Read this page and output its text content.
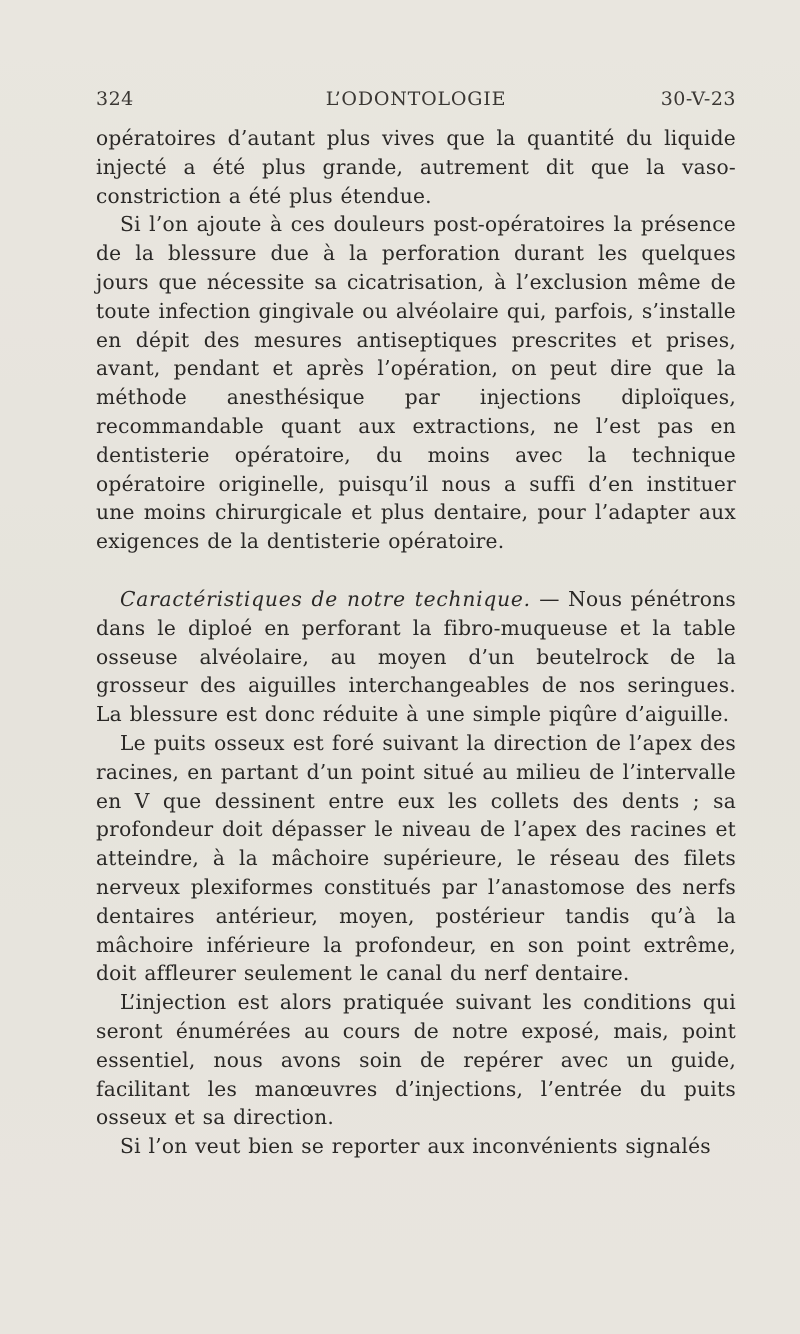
324	L’ODONTOLOGIE	30-V-23

opératoires d’autant plus vives que la quantité du liquide injecté a été plus grande, autrement dit que la vaso-constriction a été plus étendue.

Si l’on ajoute à ces douleurs post-opératoires la présence de la blessure due à la perforation durant les quelques jours que nécessite sa cicatrisation, à l’exclusion même de toute infection gingivale ou alvéolaire qui, parfois, s’installe en dépit des mesures antiseptiques prescrites et prises, avant, pendant et après l’opération, on peut dire que la méthode anesthésique par injections diploïques, recommandable quant aux extractions, ne l’est pas en dentisterie opératoire, du moins avec la technique opératoire originelle, puisqu’il nous a suffi d’en instituer une moins chirurgicale et plus dentaire, pour l’adapter aux exigences de la dentisterie opératoire.

Caractéristiques de notre technique. — Nous pénétrons dans le diploé en perforant la fibro-muqueuse et la table osseuse alvéolaire, au moyen d’un beutelrock de la grosseur des aiguilles interchangeables de nos seringues. La blessure est donc réduite à une simple piqûre d’aiguille.

Le puits osseux est foré suivant la direction de l’apex des racines, en partant d’un point situé au milieu de l’intervalle en V que dessinent entre eux les collets des dents ; sa profondeur doit dépasser le niveau de l’apex des racines et atteindre, à la mâchoire supérieure, le réseau des filets nerveux plexiformes constitués par l’anastomose des nerfs dentaires antérieur, moyen, postérieur tandis qu’à la mâchoire inférieure la profondeur, en son point extrême, doit affleurer seulement le canal du nerf dentaire.

L’injection est alors pratiquée suivant les conditions qui seront énumérées au cours de notre exposé, mais, point essentiel, nous avons soin de repérer avec un guide, facilitant les manœuvres d’injections, l’entrée du puits osseux et sa direction.

Si l’on veut bien se reporter aux inconvénients signalés
